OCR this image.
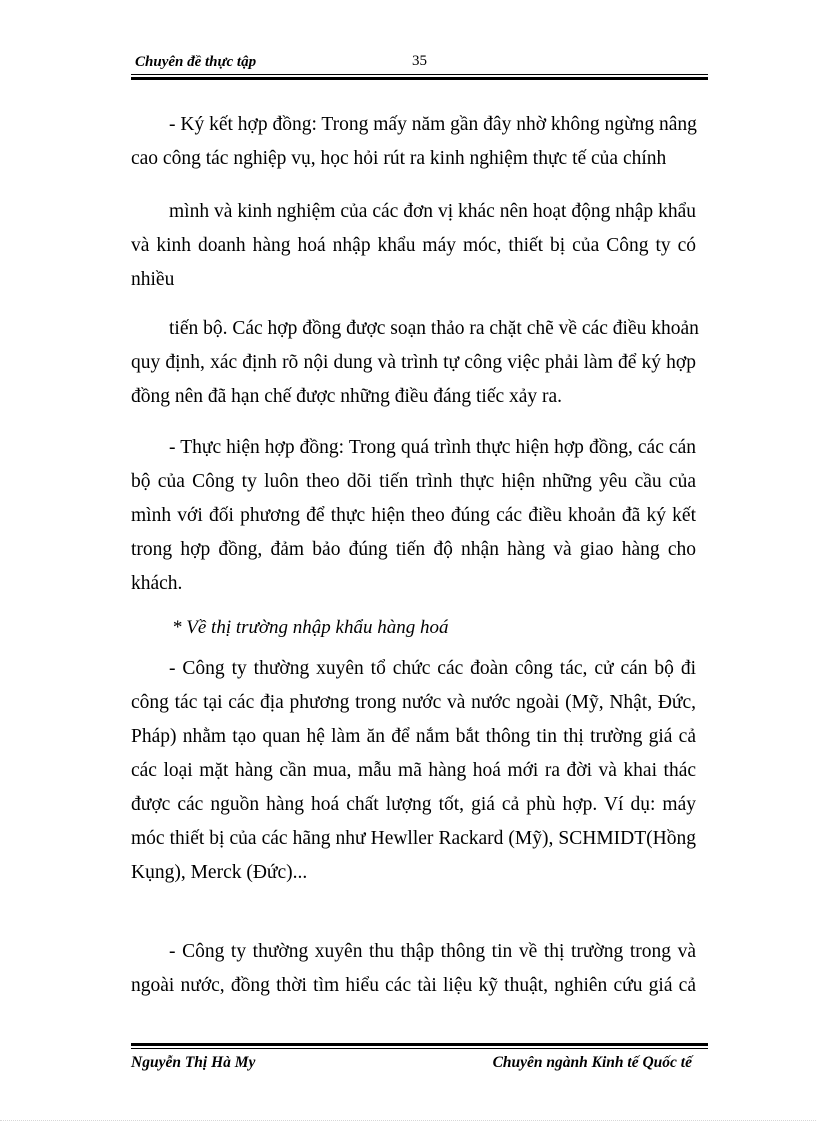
Chuyên đề thực tập	35
- Ký kết hợp đồng: Trong mấy năm gần đây nhờ không ngừng nâng
cao công tác nghiệp vụ, học hỏi rút ra kinh nghiệm thực tế của chính
mình và kinh nghiệm của các đơn vị khác nên hoạt động nhập khẩu
và kinh doanh hàng hoá nhập khẩu máy móc, thiết bị của Công ty có
nhiều
tiến bộ. Các hợp đồng được soạn thảo ra chặt chẽ về các điều khoản
quy định, xác định rõ nội dung và trình tự công việc phải làm để ký hợp
đồng nên đã hạn chế được những điều đáng tiếc xảy ra.
- Thực hiện hợp đồng: Trong quá trình thực hiện hợp đồng, các cán
bộ của Công ty luôn theo dõi tiến trình thực hiện những yêu cầu của
mình với đối phương để thực hiện theo đúng các điều khoản đã ký kết
trong hợp đồng, đảm bảo đúng tiến độ nhận hàng và giao hàng cho
khách.
* Về thị trường nhập khẩu hàng hoá
- Công ty thường xuyên tổ chức các đoàn công tác, cử cán bộ đi
công tác tại các địa phương trong nước và nước ngoài (Mỹ, Nhật, Đức,
Pháp) nhằm tạo quan hệ làm ăn để nắm bắt thông tin thị trường giá cả
các loại mặt hàng cần mua, mẫu mã hàng hoá mới ra đời và khai thác
được các nguồn hàng hoá chất lượng tốt, giá cả phù hợp. Ví dụ: máy
móc thiết bị của các hãng như Hewller Rackard (Mỹ), SCHMIDT(Hồng
Kụng), Merck (Đức)...
- Công ty thường xuyên thu thập thông tin về thị trường trong và
ngoài nước, đồng thời tìm hiểu các tài liệu kỹ thuật, nghiên cứu giá cả
Nguyễn Thị Hà My	Chuyên ngành Kinh tế Quốc tế
